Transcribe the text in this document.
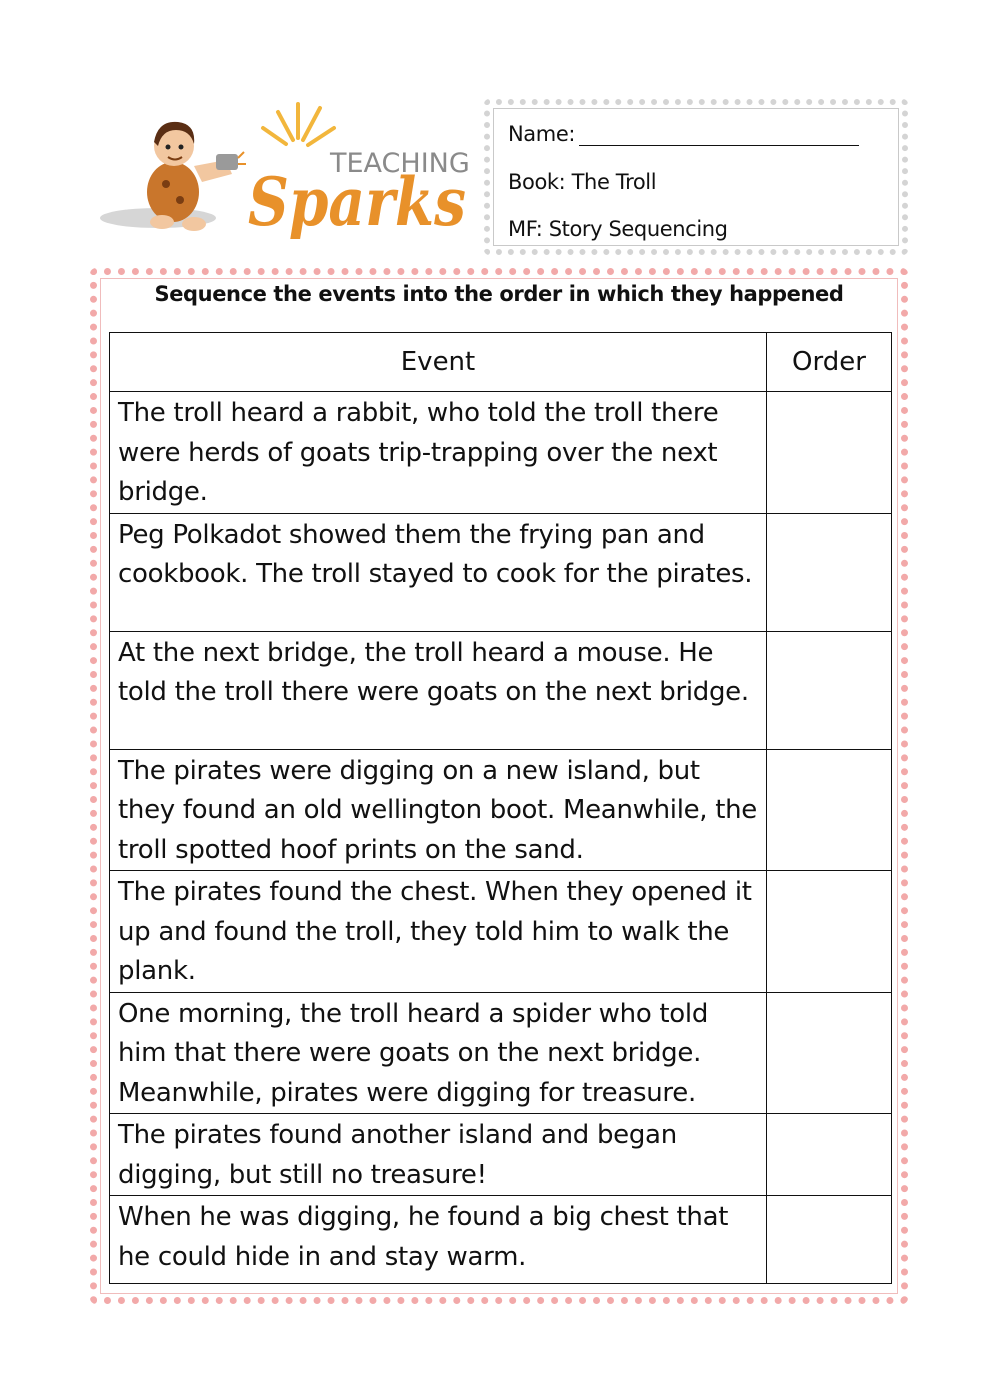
TEACHING
Sparks
Name:
Book: The Troll
MF: Story Sequencing
Sequence the events into the order in which they happened
Event	Order
The troll heard a rabbit, who told the troll there were herds of goats trip-trapping over the next bridge.	
Peg Polkadot showed them the frying pan and cookbook. The troll stayed to cook for the pirates.	
At the next bridge, the troll heard a mouse. He told the troll there were goats on the next bridge.	
The pirates were digging on a new island, but they found an old wellington boot. Meanwhile, the troll spotted hoof prints on the sand.	
The pirates found the chest. When they opened it up and found the troll, they told him to walk the plank.	
One morning, the troll heard a spider who told him that there were goats on the next bridge. Meanwhile, pirates were digging for treasure.	
The pirates found another island and began digging, but still no treasure!	
When he was digging, he found a big chest that he could hide in and stay warm.	
